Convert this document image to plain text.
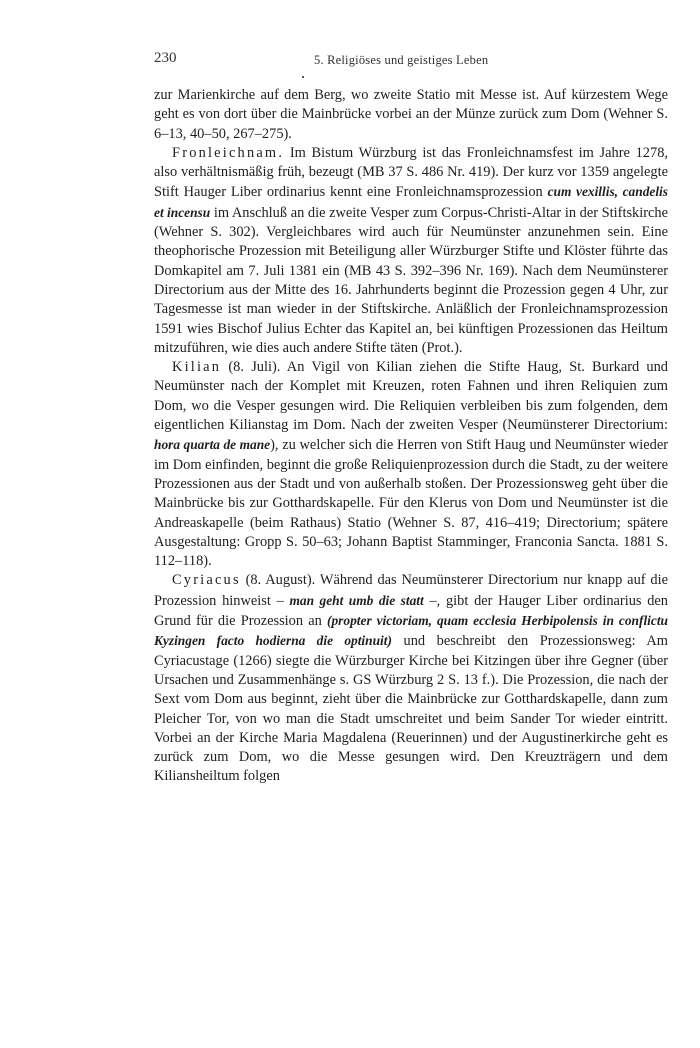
230	5. Religiöses und geistiges Leben

zur Marienkirche auf dem Berg, wo zweite Statio mit Messe ist. Auf kürzestem Wege geht es von dort über die Mainbrücke vorbei an der Münze zurück zum Dom (Wehner S. 6–13, 40–50, 267–275).

Fronleichnam. Im Bistum Würzburg ist das Fronleichnamsfest im Jahre 1278, also verhältnismäßig früh, bezeugt (MB 37 S. 486 Nr. 419). Der kurz vor 1359 angelegte Stift Hauger Liber ordinarius kennt eine Fronleichnamsprozession cum vexillis, candelis et incensu im Anschluß an die zweite Vesper zum Corpus-Christi-Altar in der Stiftskirche (Wehner S. 302). Vergleichbares wird auch für Neumünster anzunehmen sein. Eine theophorische Prozession mit Beteiligung aller Würzburger Stifte und Klöster führte das Domkapitel am 7. Juli 1381 ein (MB 43 S. 392–396 Nr. 169). Nach dem Neumünsterer Directorium aus der Mitte des 16. Jahrhunderts beginnt die Prozession gegen 4 Uhr, zur Tagesmesse ist man wieder in der Stiftskirche. Anläßlich der Fronleichnamsprozession 1591 wies Bischof Julius Echter das Kapitel an, bei künftigen Prozessionen das Heiltum mitzuführen, wie dies auch andere Stifte täten (Prot.).

Kilian (8. Juli). An Vigil von Kilian ziehen die Stifte Haug, St. Burkard und Neumünster nach der Komplet mit Kreuzen, roten Fahnen und ihren Reliquien zum Dom, wo die Vesper gesungen wird. Die Reliquien verbleiben bis zum folgenden, dem eigentlichen Kilianstag im Dom. Nach der zweiten Vesper (Neumünsterer Directorium: hora quarta de mane), zu welcher sich die Herren von Stift Haug und Neumünster wieder im Dom einfinden, beginnt die große Reliquienprozession durch die Stadt, zu der weitere Prozessionen aus der Stadt und von außerhalb stoßen. Der Prozessionsweg geht über die Mainbrücke bis zur Gotthardskapelle. Für den Klerus von Dom und Neumünster ist die Andreaskapelle (beim Rathaus) Statio (Wehner S. 87, 416–419; Directorium; spätere Ausgestaltung: Gropp S. 50–63; Johann Baptist Stamminger, Franconia Sancta. 1881 S. 112–118).

Cyriacus (8. August). Während das Neumünsterer Directorium nur knapp auf die Prozession hinweist – man geht umb die statt –, gibt der Hauger Liber ordinarius den Grund für die Prozession an (propter victoriam, quam ecclesia Herbipolensis in conflictu Kyzingen facto hodierna die optinuit) und beschreibt den Prozessionsweg: Am Cyriacustage (1266) siegte die Würzburger Kirche bei Kitzingen über ihre Gegner (über Ursachen und Zusammenhänge s. GS Würzburg 2 S. 13 f.). Die Prozession, die nach der Sext vom Dom aus beginnt, zieht über die Mainbrücke zur Gotthardskapelle, dann zum Pleicher Tor, von wo man die Stadt umschreitet und beim Sander Tor wieder eintritt. Vorbei an der Kirche Maria Magdalena (Reuerinnen) und der Augustinerkirche geht es zurück zum Dom, wo die Messe gesungen wird. Den Kreuzträgern und dem Kiliansheiltum folgen
